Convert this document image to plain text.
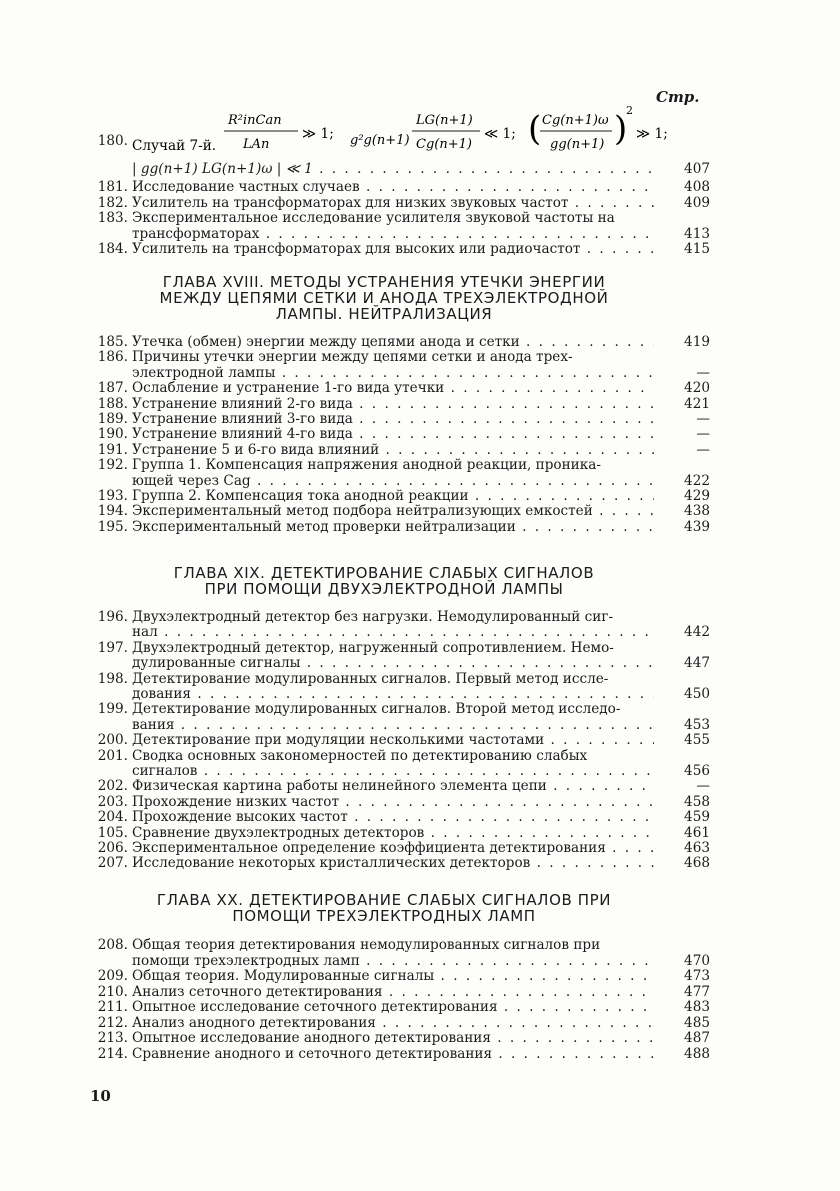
Стр.
180. Случай 7-й.
R²inCan
LAn
≫ 1; g²g(n+1)
LG(n+1)
Cg(n+1)
≪ 1; ( Cg(n+1)ω
gg(n+1) )
2
≫ 1;
| gg(n+1) LG(n+1)ω | ≪ 1 . . .	407
181. Исследование частных случаев . . .	408
182. Усилитель на трансформаторах для низких звуковых частот . . .	409
183. Экспериментальное исследование усилителя звуковой частоты на
трансформаторах . . .	413
184. Усилитель на трансформаторах для высоких или радиочастот . . .	415
ГЛАВА XVIII. МЕТОДЫ УСТРАНЕНИЯ УТЕЧКИ ЭНЕРГИИ
МЕЖДУ ЦЕПЯМИ СЕТКИ И АНОДА ТРЕХЭЛЕКТРОДНОЙ
ЛАМПЫ. НЕЙТРАЛИЗАЦИЯ
185. Утечка (обмен) энергии между цепями анода и сетки . . .	419
186. Причины утечки энергии между цепями сетки и анода трех-
электродной лампы . . .	—
187. Ослабление и устранение 1-го вида утечки . . .	420
188. Устранение влияний 2-го вида . . .	421
189. Устранение влияний 3-го вида . . .	—
190. Устранение влияний 4-го вида . . .	—
191. Устранение 5 и 6-го вида влияний . . .	—
192. Группа 1. Компенсация напряжения анодной реакции, проника-
ющей через Cag . . .	422
193. Группа 2. Компенсация тока анодной реакции . . .	429
194. Экспериментальный метод подбора нейтрализующих емкостей . . .	438
195. Экспериментальный метод проверки нейтрализации . . .	439
ГЛАВА XIX. ДЕТЕКТИРОВАНИЕ СЛАБЫХ СИГНАЛОВ
ПРИ ПОМОЩИ ДВУХЭЛЕКТРОДНОЙ ЛАМПЫ
196. Двухэлектродный детектор без нагрузки. Немодулированный сиг-
нал . . .	442
197. Двухэлектродный детектор, нагруженный сопротивлением. Немо-
дулированные сигналы . . .	447
198. Детектирование модулированных сигналов. Первый метод иссле-
дования . . .	450
199. Детектирование модулированных сигналов. Второй метод исследо-
вания . . .	453
200. Детектирование при модуляции несколькими частотами . . .	455
201. Сводка основных закономерностей по детектированию слабых
сигналов . . .	456
202. Физическая картина работы нелинейного элемента цепи . . .	—
203. Прохождение низких частот . . .	458
204. Прохождение высоких частот . . .	459
105. Сравнение двухэлектродных детекторов . . .	461
206. Экспериментальное определение коэффициента детектирования . . .	463
207. Исследование некоторых кристаллических детекторов . . .	468
ГЛАВА XX. ДЕТЕКТИРОВАНИЕ СЛАБЫХ СИГНАЛОВ ПРИ
ПОМОЩИ ТРЕХЭЛЕКТРОДНЫХ ЛАМП
208. Общая теория детектирования немодулированных сигналов при
помощи трехэлектродных ламп . . .	470
209. Общая теория. Модулированные сигналы . . .	473
210. Анализ сеточного детектирования . . .	477
211. Опытное исследование сеточного детектирования . . .	483
212. Анализ анодного детектирования . . .	485
213. Опытное исследование анодного детектирования . . .	487
214. Сравнение анодного и сеточного детектирования . . .	488
10
